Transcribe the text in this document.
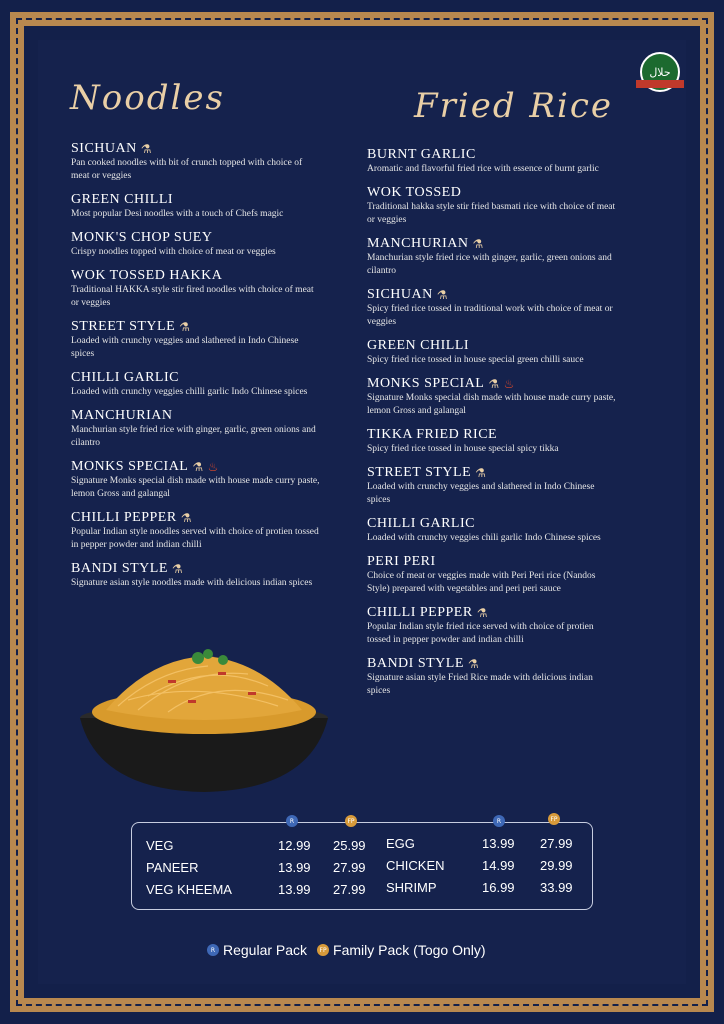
حلال
Noodles	Fried Rice
SICHUAN ⚗
Pan cooked noodles with bit of crunch topped with choice of meat or veggies
GREEN CHILLI
Most popular Desi noodles with a touch of Chefs magic
MONK'S CHOP SUEY
Crispy noodles topped with choice of meat or veggies
WOK TOSSED HAKKA
Traditional HAKKA style stir fired noodles with choice of meat or veggies
STREET STYLE ⚗
Loaded with crunchy veggies and slathered in Indo Chinese spices
CHILLI GARLIC
Loaded with crunchy veggies chilli garlic Indo Chinese spices
MANCHURIAN
Manchurian style fried rice with ginger, garlic, green onions and cilantro
MONKS SPECIAL ⚗ ♨
Signature Monks special dish made with house made curry paste, lemon Gross and galangal
CHILLI PEPPER ⚗
Popular Indian style noodles served with choice of protien tossed in pepper powder and indian chilli
BANDI STYLE ⚗
Signature asian style noodles made with delicious indian spices
BURNT GARLIC
Aromatic and flavorful fried rice with essence of burnt garlic
WOK TOSSED
Traditional hakka style stir fried basmati rice with choice of meat or veggies
MANCHURIAN ⚗
Manchurian style fried rice with ginger, garlic, green onions and cilantro
SICHUAN ⚗
Spicy fried rice tossed in traditional work with choice of meat or veggies
GREEN CHILLI
Spicy fried rice tossed in house special green chilli sauce
MONKS SPECIAL ⚗ ♨
Signature Monks special dish made with house made curry paste, lemon Gross and galangal
TIKKA FRIED RICE
Spicy fried rice tossed in house special spicy tikka
STREET STYLE ⚗
Loaded with crunchy veggies and slathered in Indo Chinese spices
CHILLI GARLIC
Loaded with crunchy veggies chili garlic Indo Chinese spices
PERI PERI
Choice of meat or veggies made with Peri Peri rice (Nandos Style) prepared with vegetables and peri peri sauce
CHILLI PEPPER ⚗
Popular Indian style fried rice served with choice of protien tossed in pepper powder and indian chilli
BANDI STYLE ⚗
Signature asian style Fried Rice made with delicious indian spices
R	FP	R	FP
VEG	12.99 25.99
PANEER	13.99 27.99
VEG KHEEMA	13.99 27.99
EGG	13.99 27.99
CHICKEN	14.99 29.99
SHRIMP	16.99 33.99
R Regular Pack	FP Family Pack (Togo Only)
